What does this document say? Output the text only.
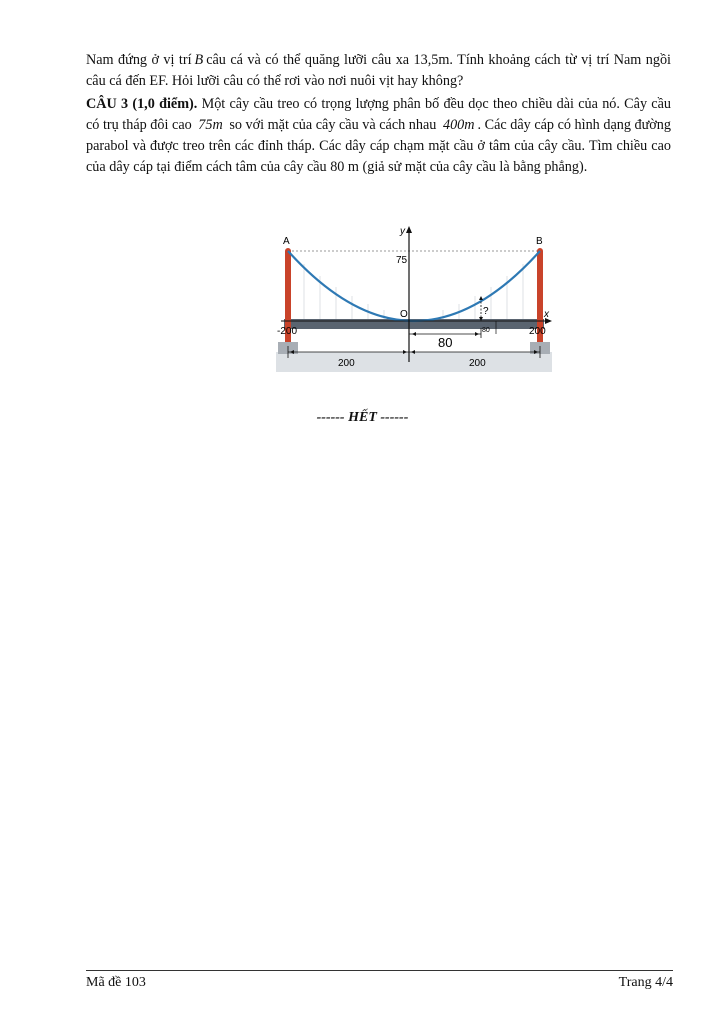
Nam đứng ở vị trí B câu cá và có thể quăng lưỡi câu xa 13,5m. Tính khoảng cách từ vị trí Nam ngồi câu cá đến EF. Hỏi lưỡi câu có thể rơi vào nơi nuôi vịt hay không?

CÂU 3 (1,0 điểm). Một cây cầu treo có trọng lượng phân bố đều dọc theo chiều dài của nó. Cây cầu có trụ tháp đôi cao 75m so với mặt của cây cầu và cách nhau 400m . Các dây cáp có hình dạng đường parabol và được treo trên các đỉnh tháp. Các dây cáp chạm mặt cầu ở tâm của cây cầu. Tìm chiều cao của dây cáp tại điểm cách tâm của cây cầu 80 m (giả sử mặt của cây cầu là bằng phẳng).

A	B
y
x
75
O	?
-200	200
80
80
200	200
------ HẾT ------
Mã đề 103	Trang 4/4
